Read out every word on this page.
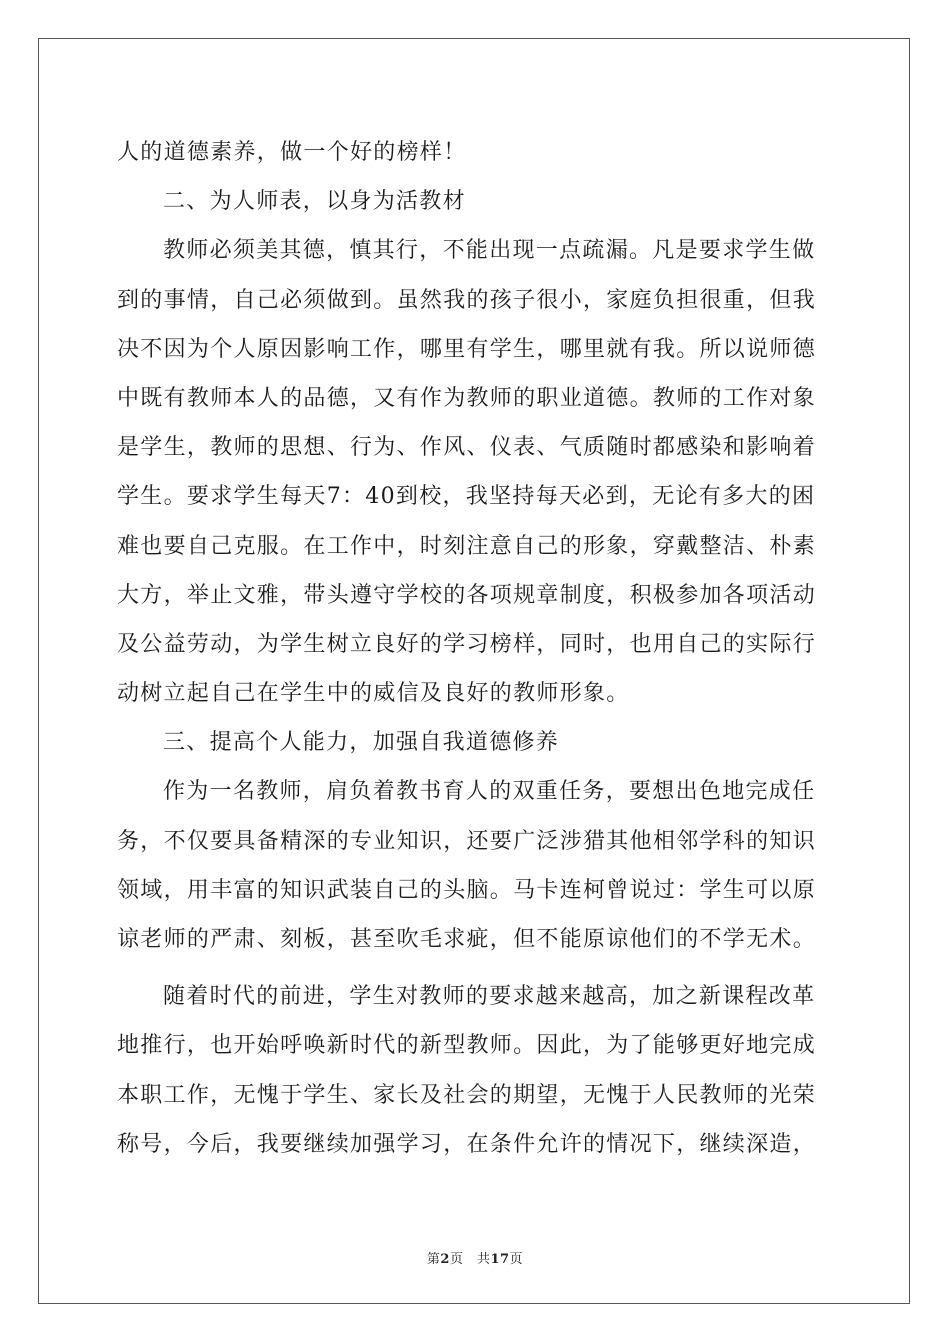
人的道德素养，做一个好的榜样！
二、为人师表，以身为活教材
教师必须美其德，慎其行，不能出现一点疏漏。凡是要求学生做
到的事情，自己必须做到。虽然我的孩子很小，家庭负担很重，但我
决不因为个人原因影响工作，哪里有学生，哪里就有我。所以说师德
中既有教师本人的品德，又有作为教师的职业道德。教师的工作对象
是学生，教师的思想、行为、作风、仪表、气质随时都感染和影响着
学生。要求学生每天7：40到校，我坚持每天必到，无论有多大的困
难也要自己克服。在工作中，时刻注意自己的形象，穿戴整洁、朴素
大方，举止文雅，带头遵守学校的各项规章制度，积极参加各项活动
及公益劳动，为学生树立良好的学习榜样，同时，也用自己的实际行
动树立起自己在学生中的威信及良好的教师形象。
三、提高个人能力，加强自我道德修养
作为一名教师，肩负着教书育人的双重任务，要想出色地完成任
务，不仅要具备精深的专业知识，还要广泛涉猎其他相邻学科的知识
领域，用丰富的知识武装自己的头脑。马卡连柯曾说过：学生可以原
谅老师的严肃、刻板，甚至吹毛求疵，但不能原谅他们的不学无术。
随着时代的前进，学生对教师的要求越来越高，加之新课程改革
地推行，也开始呼唤新时代的新型教师。因此，为了能够更好地完成
本职工作，无愧于学生、家长及社会的期望，无愧于人民教师的光荣
称号，今后，我要继续加强学习，在条件允许的情况下，继续深造，
第2页　共17页
